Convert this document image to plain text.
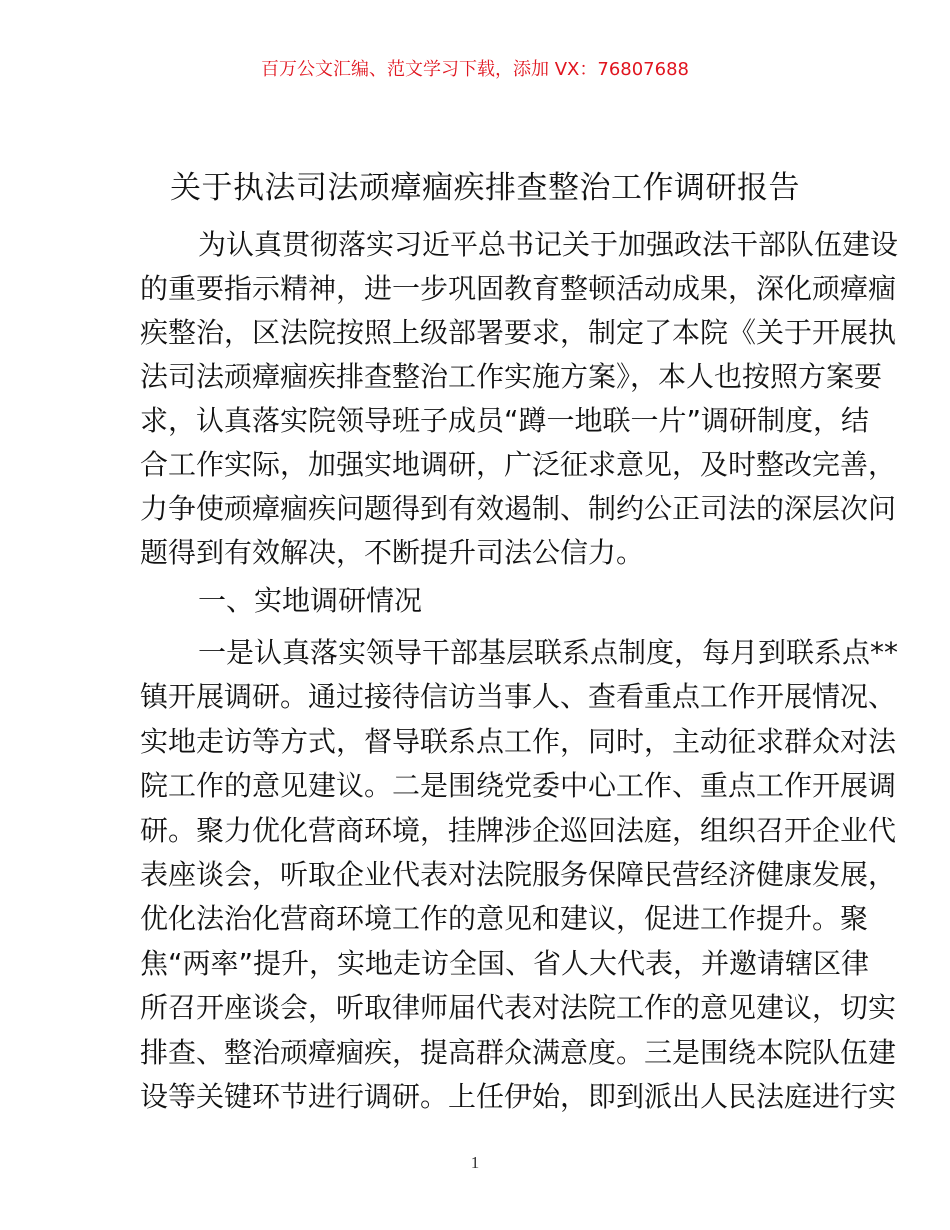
百万公文汇编、范文学习下载，添加 VX：76807688
关于执法司法顽瘴痼疾排查整治工作调研报告
为认真贯彻落实习近平总书记关于加强政法干部队伍建设
的重要指示精神，进一步巩固教育整顿活动成果，深化顽瘴痼
疾整治，区法院按照上级部署要求，制定了本院《关于开展执
法司法顽瘴痼疾排查整治工作实施方案》，本人也按照方案要
求，认真落实院领导班子成员“蹲一地联一片”调研制度，结
合工作实际，加强实地调研，广泛征求意见，及时整改完善，
力争使顽瘴痼疾问题得到有效遏制、制约公正司法的深层次问
题得到有效解决，不断提升司法公信力。
一、实地调研情况
一是认真落实领导干部基层联系点制度，每月到联系点**
镇开展调研。通过接待信访当事人、查看重点工作开展情况、
实地走访等方式，督导联系点工作，同时，主动征求群众对法
院工作的意见建议。二是围绕党委中心工作、重点工作开展调
研。聚力优化营商环境，挂牌涉企巡回法庭，组织召开企业代
表座谈会，听取企业代表对法院服务保障民营经济健康发展，
优化法治化营商环境工作的意见和建议，促进工作提升。聚
焦“两率”提升，实地走访全国、省人大代表，并邀请辖区律
所召开座谈会，听取律师届代表对法院工作的意见建议，切实
排查、整治顽瘴痼疾，提高群众满意度。三是围绕本院队伍建
设等关键环节进行调研。上任伊始，即到派出人民法庭进行实
1
